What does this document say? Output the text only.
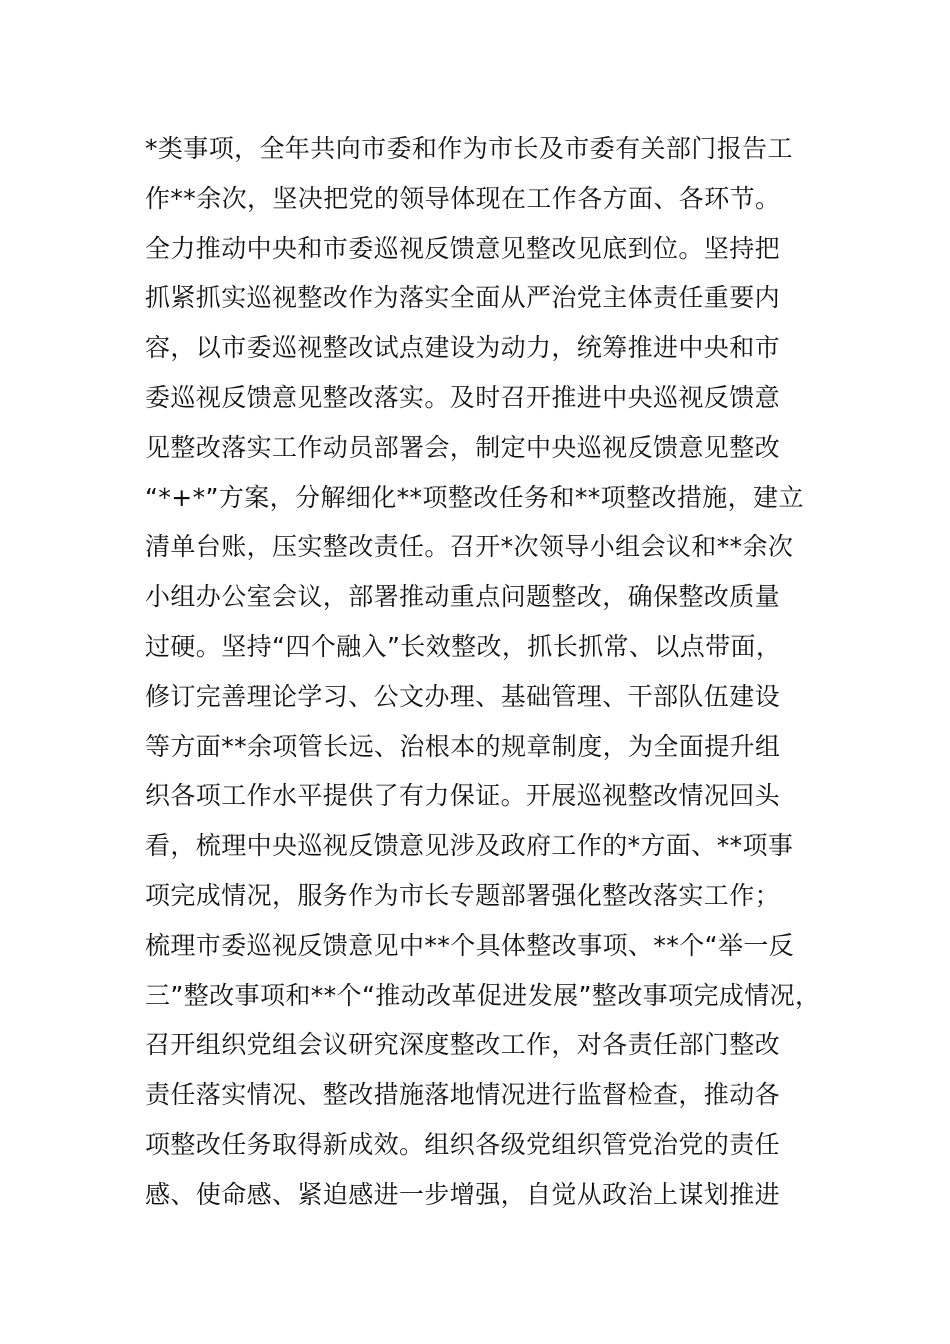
*类事项，全年共向市委和作为市长及市委有关部门报告工
作**余次，坚决把党的领导体现在工作各方面、各环节。
全力推动中央和市委巡视反馈意见整改见底到位。坚持把
抓紧抓实巡视整改作为落实全面从严治党主体责任重要内
容，以市委巡视整改试点建设为动力，统筹推进中央和市
委巡视反馈意见整改落实。及时召开推进中央巡视反馈意
见整改落实工作动员部署会，制定中央巡视反馈意见整改
“*+*”方案，分解细化**项整改任务和**项整改措施，建立
清单台账，压实整改责任。召开*次领导小组会议和**余次
小组办公室会议，部署推动重点问题整改，确保整改质量
过硬。坚持“四个融入”长效整改，抓长抓常、以点带面，
修订完善理论学习、公文办理、基础管理、干部队伍建设
等方面**余项管长远、治根本的规章制度，为全面提升组
织各项工作水平提供了有力保证。开展巡视整改情况回头
看，梳理中央巡视反馈意见涉及政府工作的*方面、**项事
项完成情况，服务作为市长专题部署强化整改落实工作；
梳理市委巡视反馈意见中**个具体整改事项、**个“举一反
三”整改事项和**个“推动改革促进发展”整改事项完成情况，
召开组织党组会议研究深度整改工作，对各责任部门整改
责任落实情况、整改措施落地情况进行监督检查，推动各
项整改任务取得新成效。组织各级党组织管党治党的责任
感、使命感、紧迫感进一步增强，自觉从政治上谋划推进
